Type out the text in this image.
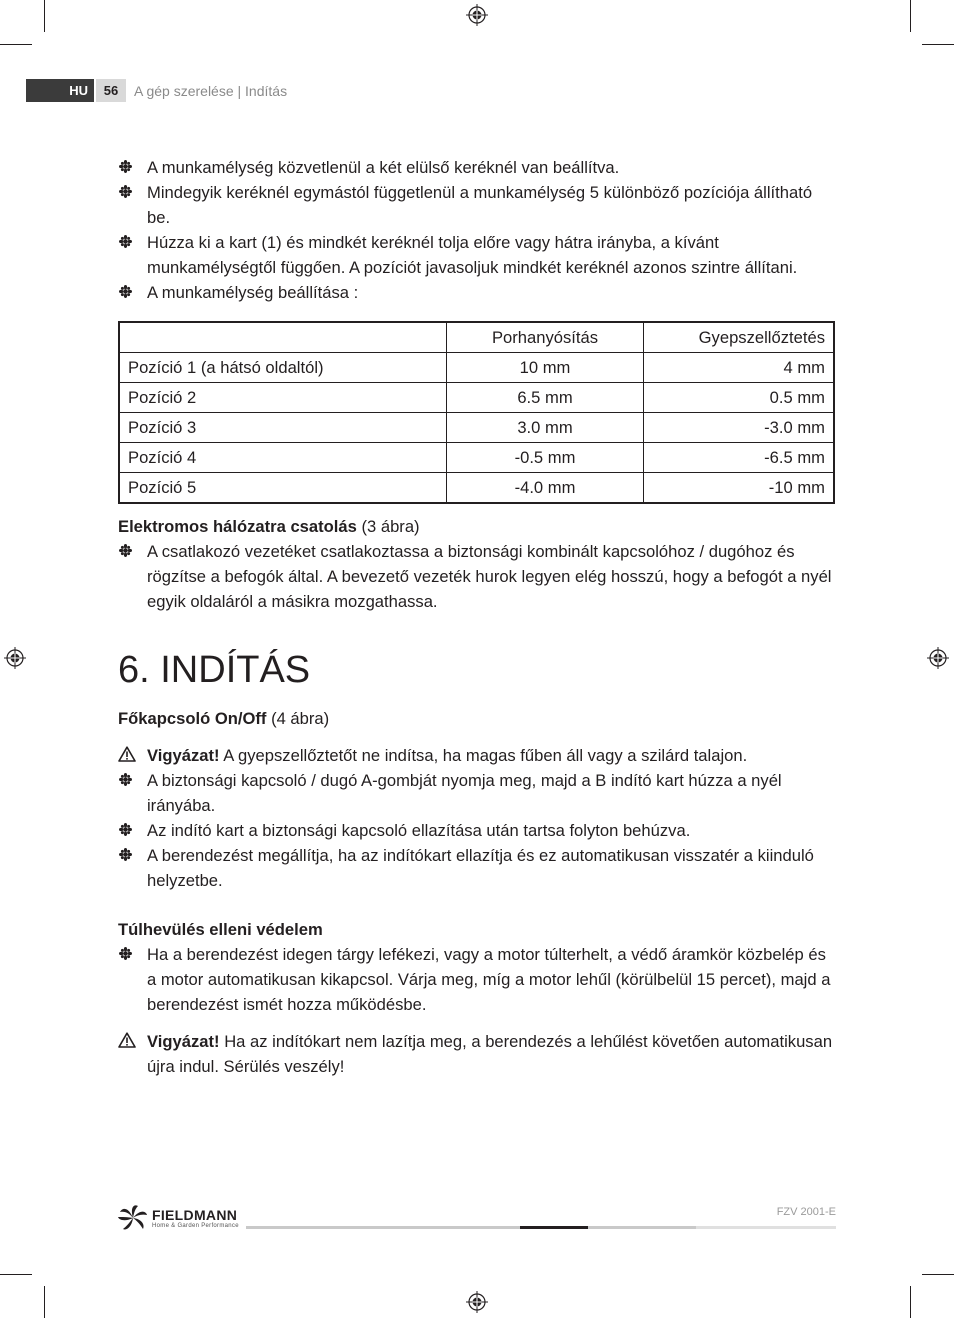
HU	56	A gép szerelése | Indítás
A munkamélység közvetlenül a két elülső keréknél van beállítva.
Mindegyik keréknél egymástól függetlenül a munkamélység 5 különböző pozíciója állítható be.
Húzza ki a kart (1) és mindkét keréknél tolja előre vagy hátra irányba, a kívánt munkamélységtől függően. A pozíciót javasoljuk mindkét keréknél azonos szintre állítani.
A munkamélység beállítása :
	Porhanyósítás	Gyepszellőztetés
Pozíció 1 (a hátsó oldaltól)	10 mm	4 mm
Pozíció 2	6.5 mm	0.5 mm
Pozíció 3	3.0 mm	-3.0 mm
Pozíció 4	-0.5 mm	-6.5 mm
Pozíció 5	-4.0 mm	-10 mm
Elektromos hálózatra csatolás (3 ábra)
A csatlakozó vezetéket csatlakoztassa a biztonsági kombinált kapcsolóhoz / dugóhoz és rögzítse a befogók által. A bevezető vezeték hurok legyen elég hosszú, hogy a befogót a nyél egyik oldaláról a másikra mozgathassa.
6. INDÍTÁS
Főkapcsoló On/Off (4 ábra)
Vigyázat! A gyepszellőztetőt ne indítsa, ha magas fűben áll vagy a szilárd talajon.
A biztonsági kapcsoló / dugó A-gombját nyomja meg, majd a B indító kart húzza a nyél irányába.
Az indító kart a biztonsági kapcsoló ellazítása után tartsa folyton behúzva.
A berendezést megállítja, ha az indítókart ellazítja és ez automatikusan visszatér a kiinduló helyzetbe.
Túlhevülés elleni védelem
Ha a berendezést idegen tárgy lefékezi, vagy a motor túlterhelt, a védő áramkör közbelép és a motor automatikusan kikapcsol. Várja meg, míg a motor lehűl (körülbelül 15 percet), majd a berendezést ismét hozza működésbe.
Vigyázat! Ha az indítókart nem lazítja meg, a berendezés a lehűlést követően automatikusan újra indul. Sérülés veszély!
FIELDMANN
Home & Garden Performance
FZV 2001-E
